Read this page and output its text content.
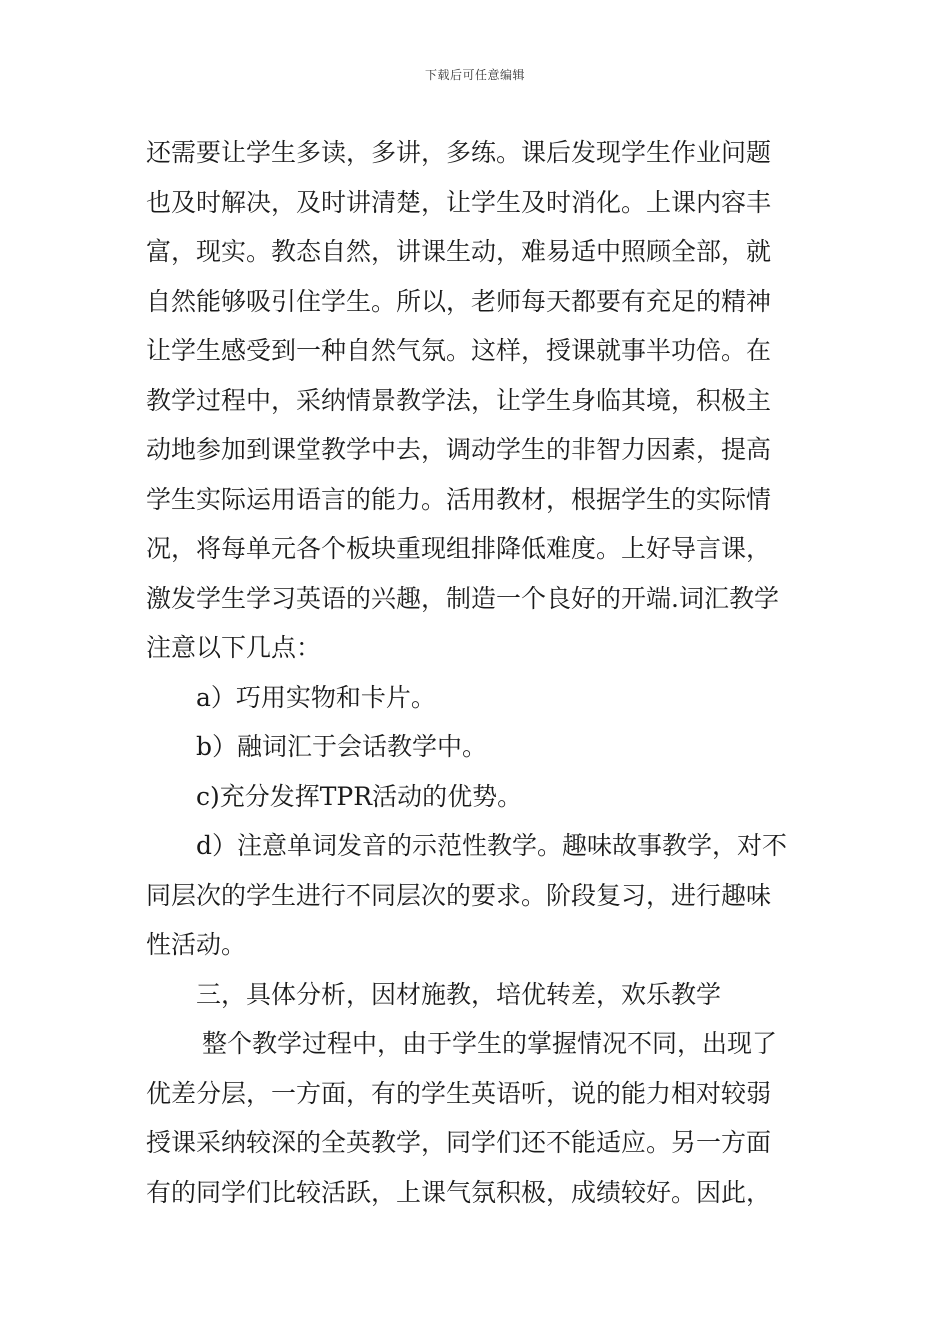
下载后可任意编辑
还需要让学生多读，多讲，多练。课后发现学生作业问题
也及时解决，及时讲清楚，让学生及时消化。上课内容丰
富，现实。教态自然，讲课生动，难易适中照顾全部，就
自然能够吸引住学生。所以，老师每天都要有充足的精神
让学生感受到一种自然气氛。这样，授课就事半功倍。在
教学过程中，采纳情景教学法，让学生身临其境，积极主
动地参加到课堂教学中去，调动学生的非智力因素，提高
学生实际运用语言的能力。活用教材，根据学生的实际情
况，将每单元各个板块重现组排降低难度。上好导言课，
激发学生学习英语的兴趣，制造一个良好的开端.词汇教学
注意以下几点：
a）巧用实物和卡片。
b）融词汇于会话教学中。
c)充分发挥TPR活动的优势。
d）注意单词发音的示范性教学。趣味故事教学，对不
同层次的学生进行不同层次的要求。阶段复习，进行趣味
性活动。
三，具体分析，因材施教，培优转差，欢乐教学
整个教学过程中，由于学生的掌握情况不同，出现了
优差分层，一方面，有的学生英语听，说的能力相对较弱
授课采纳较深的全英教学，同学们还不能适应。另一方面
有的同学们比较活跃，上课气氛积极，成绩较好。因此，
